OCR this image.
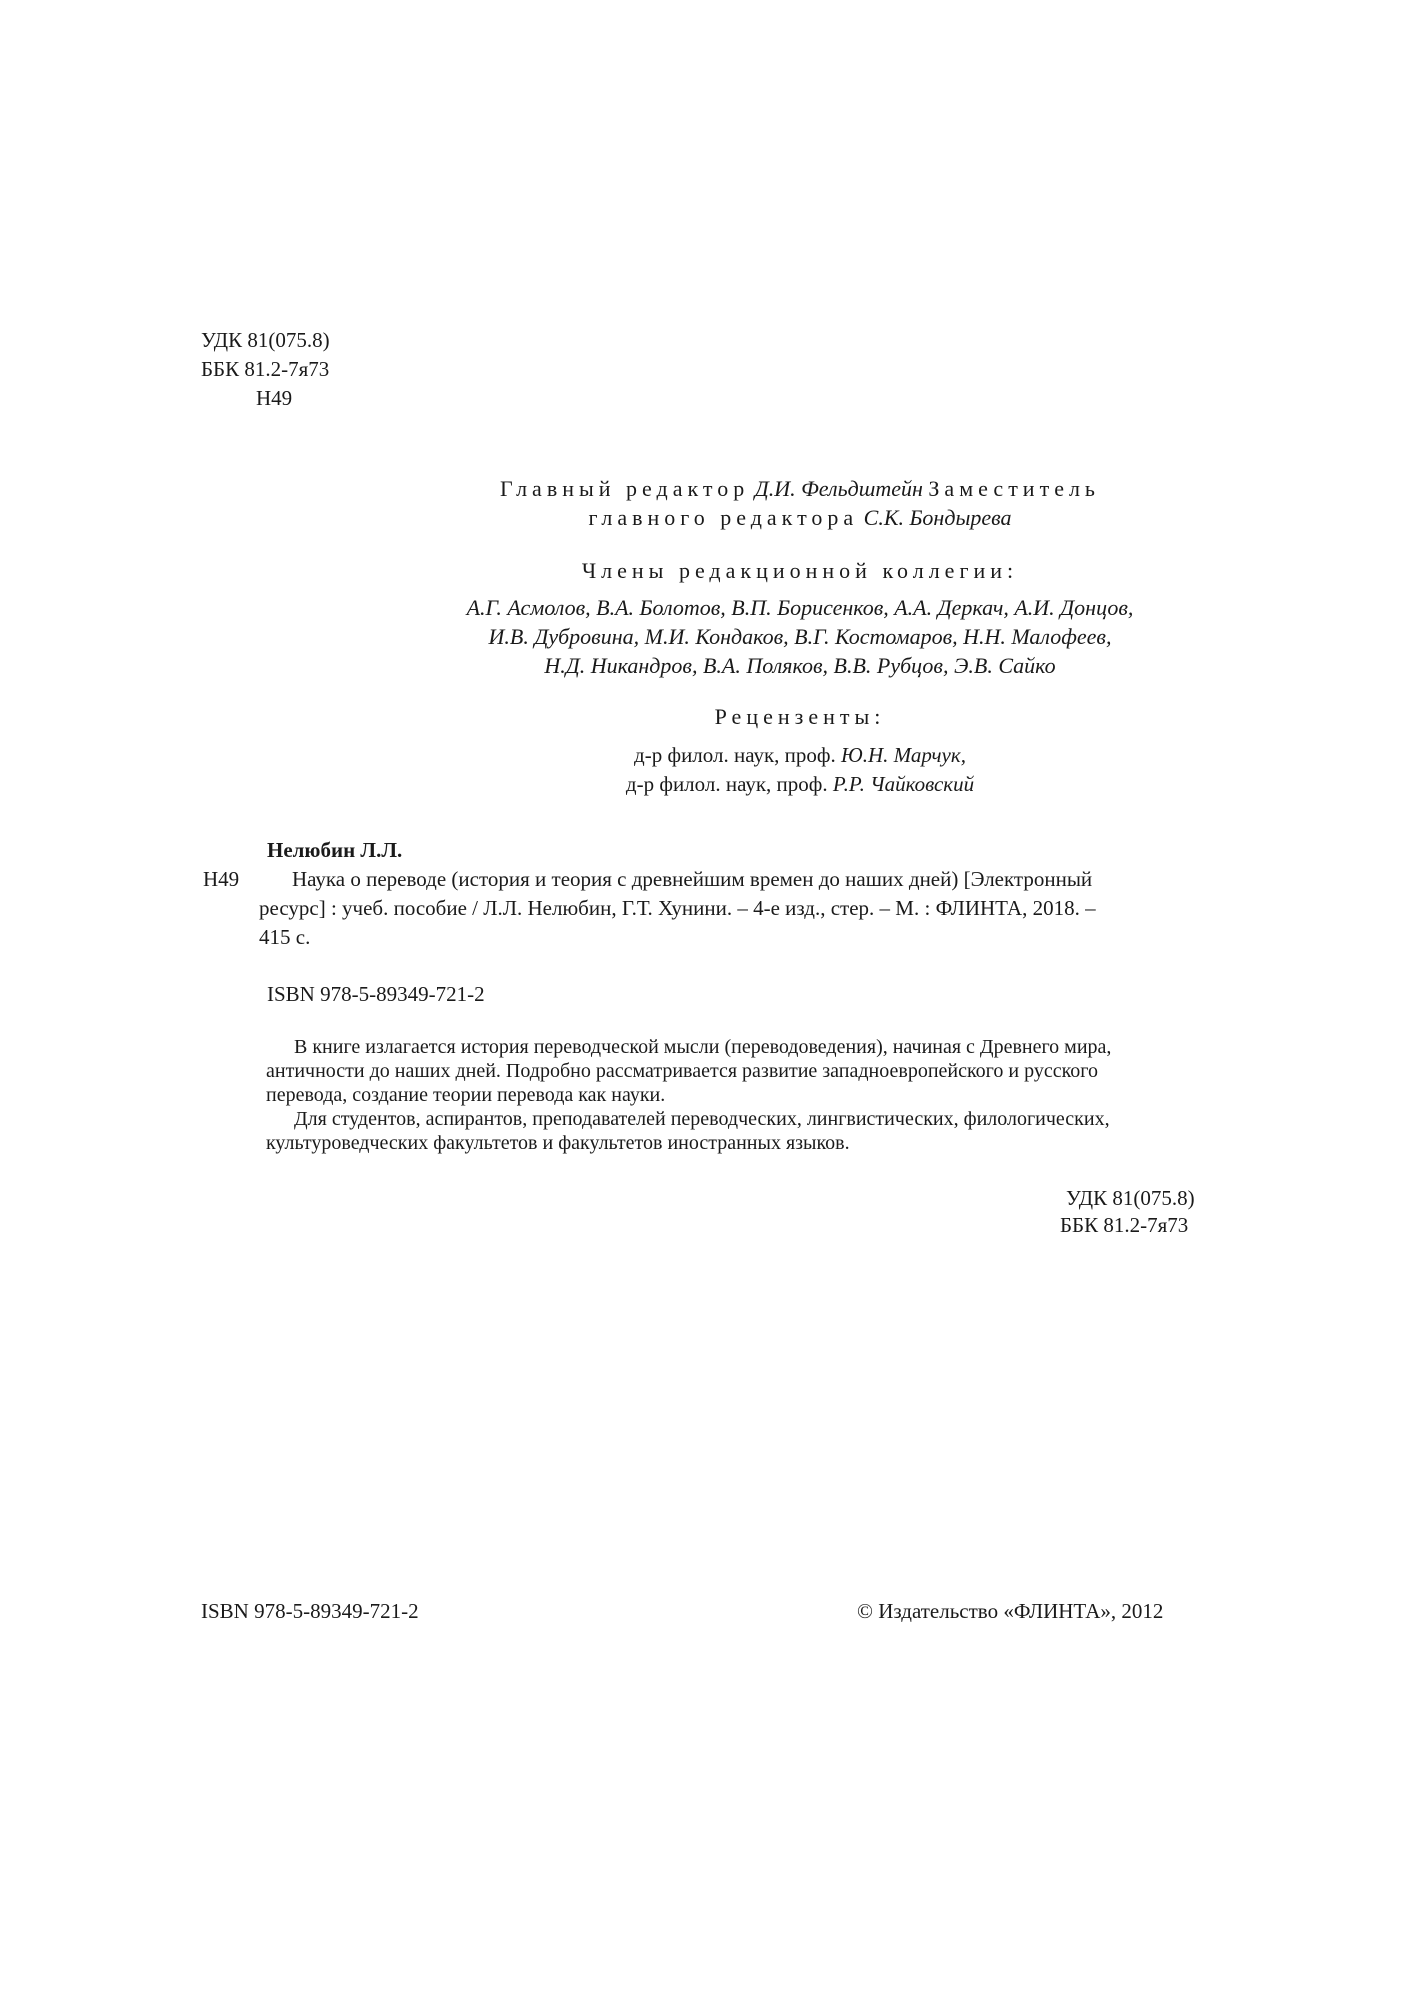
УДК 81(075.8)
ББК 81.2-7я73
Н49
Главный редактор Д.И. Фельдштейн Заместитель
главного редактора С.К. Бондырева
Члены редакционной коллегии:
А.Г. Асмолов, В.А. Болотов, В.П. Борисенков, А.А. Деркач, А.И. Донцов,
И.В. Дубровина, М.И. Кондаков, В.Г. Костомаров, Н.Н. Малофеев,
Н.Д. Никандров, В.А. Поляков, В.В. Рубцов, Э.В. Сайко
Рецензенты:
д-р филол. наук, проф. Ю.Н. Марчук,
д-р филол. наук, проф. Р.Р. Чайковский
Нелюбин Л.Л.
Н49	Наука о переводе (история и теория с древнейшим времен до наших дней) [Электронный
ресурс] : учеб. пособие / Л.Л. Нелюбин, Г.Т. Хунини. – 4-е изд., стер. – М. : ФЛИНТА, 2018. –
415 с.
ISBN 978-5-89349-721-2
В книге излагается история переводческой мысли (переводоведения), начиная с Древнего мира,
античности до наших дней. Подробно рассматривается развитие западноевропейского и русского
перевода, создание теории перевода как науки.
Для студентов, аспирантов, преподавателей переводческих, лингвистических, филологических,
культуроведческих факультетов и факультетов иностранных языков.
УДК 81(075.8)
ББК 81.2-7я73
ISBN 978-5-89349-721-2	© Издательство «ФЛИНТА», 2012
